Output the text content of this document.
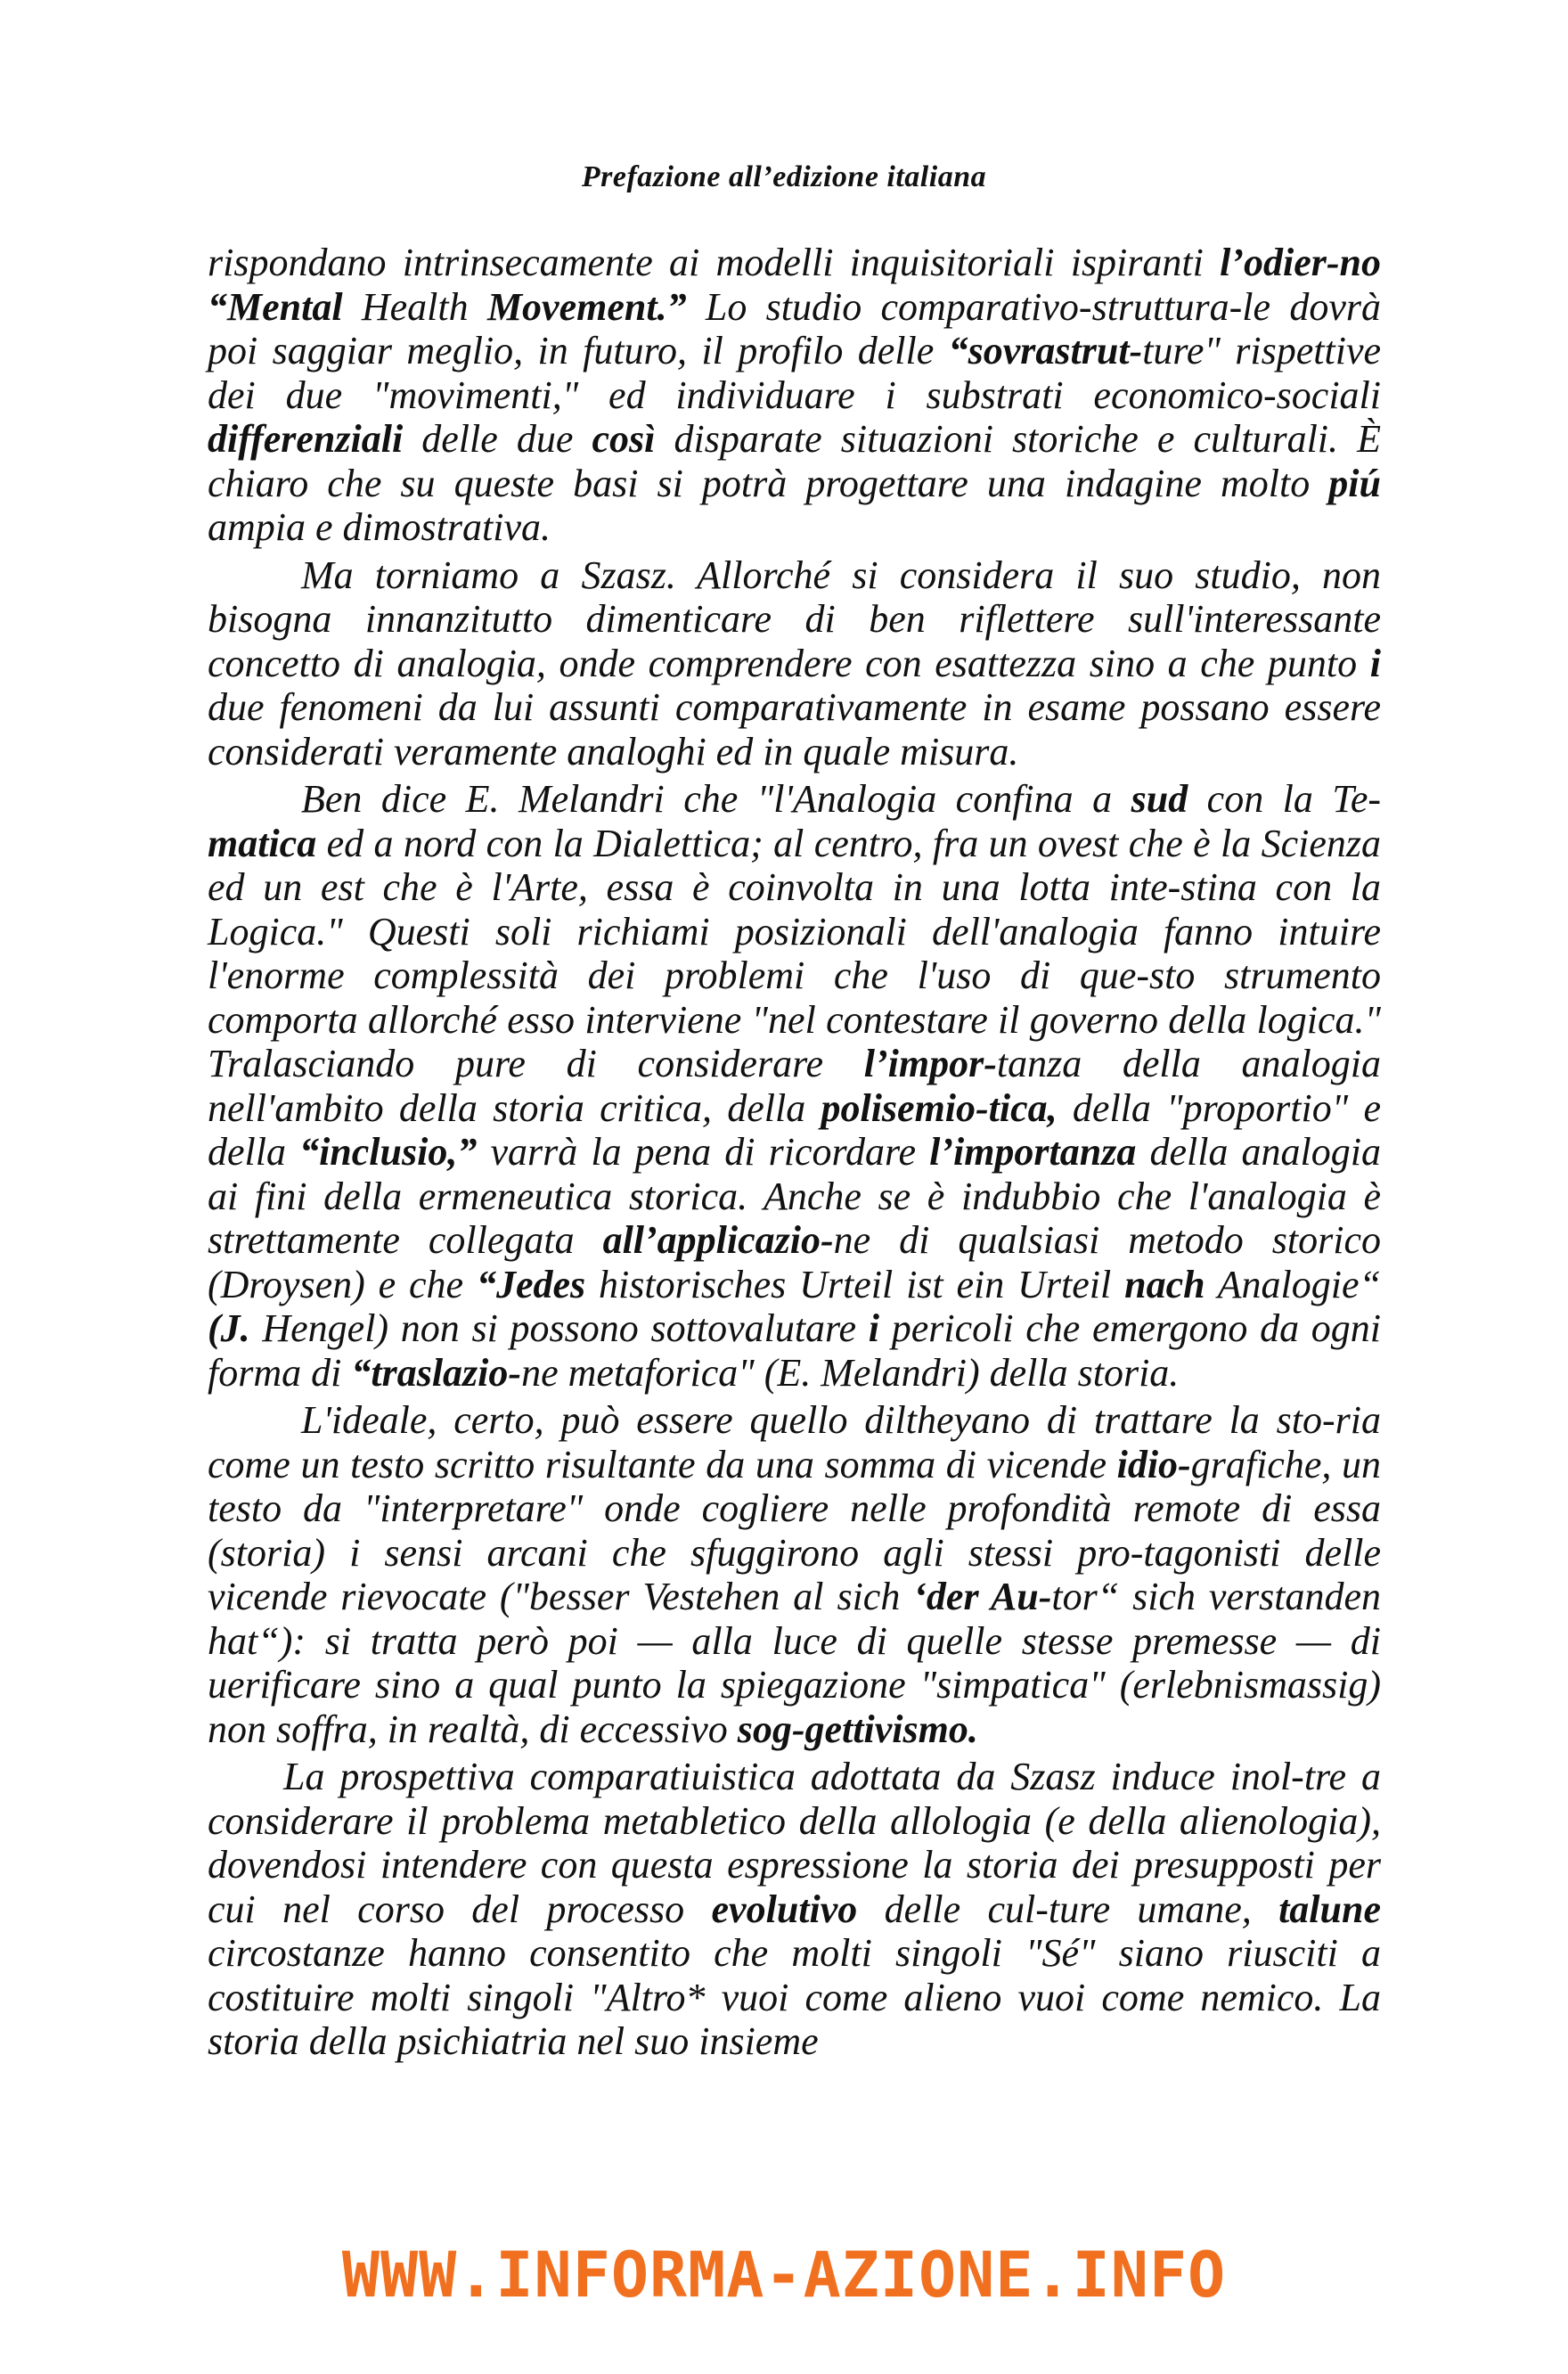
Prefazione all’edizione italiana

rispondano intrinsecamente ai modelli inquisitoriali ispiranti l’odier-no “Mental Health Movement.” Lo studio comparativo-struttura-le dovrà poi saggiar meglio, in futuro, il profilo delle “sovrastrut-ture" rispettive dei due "movimenti," ed individuare i substrati economico-sociali differenziali delle due così disparate situazioni storiche e culturali. È chiaro che su queste basi si potrà progettare una indagine molto piú ampia e dimostrativa.

Ma torniamo a Szasz. Allorché si considera il suo studio, non bisogna innanzitutto dimenticare di ben riflettere sull'interessante concetto di analogia, onde comprendere con esattezza sino a che punto i due fenomeni da lui assunti comparativamente in esame possano essere considerati veramente analoghi ed in quale misura.

Ben dice E. Melandri che "l'Analogia confina a sud con la Te-matica ed a nord con la Dialettica; al centro, fra un ovest che è la Scienza ed un est che è l'Arte, essa è coinvolta in una lotta inte-stina con la Logica." Questi soli richiami posizionali dell'analogia fanno intuire l'enorme complessità dei problemi che l'uso di que-sto strumento comporta allorché esso interviene "nel contestare il governo della logica." Tralasciando pure di considerare l’impor-tanza della analogia nell'ambito della storia critica, della polisemio-tica, della "proportio" e della “inclusio,” varrà la pena di ricordare l’importanza della analogia ai fini della ermeneutica storica. Anche se è indubbio che l'analogia è strettamente collegata all’applicazio-ne di qualsiasi metodo storico (Droysen) e che “Jedes historisches Urteil ist ein Urteil nach Analogie“ (J. Hengel) non si possono sottovalutare i pericoli che emergono da ogni forma di “traslazio-ne metaforica" (E. Melandri) della storia.

L'ideale, certo, può essere quello diltheyano di trattare la sto-ria come un testo scritto risultante da una somma di vicende idio-grafiche, un testo da "interpretare" onde cogliere nelle profondità remote di essa (storia) i sensi arcani che sfuggirono agli stessi pro-tagonisti delle vicende rievocate ("besser Vestehen al sich ‘der Au-tor“ sich verstanden hat“): si tratta però poi — alla luce di quelle stesse premesse — di uerificare sino a qual punto la spiegazione "simpatica" (erlebnismassig) non soffra, in realtà, di eccessivo sog-gettivismo.

La prospettiva comparatiuistica adottata da Szasz induce inol-tre a considerare il problema metabletico della allologia (e della alienologia), dovendosi intendere con questa espressione la storia dei presupposti per cui nel corso del processo evolutivo delle cul-ture umane, talune circostanze hanno consentito che molti singoli "Sé" siano riusciti a costituire molti singoli "Altro* vuoi come alieno vuoi come nemico. La storia della psichiatria nel suo insieme

WWW.INFORMA-AZIONE.INFO
